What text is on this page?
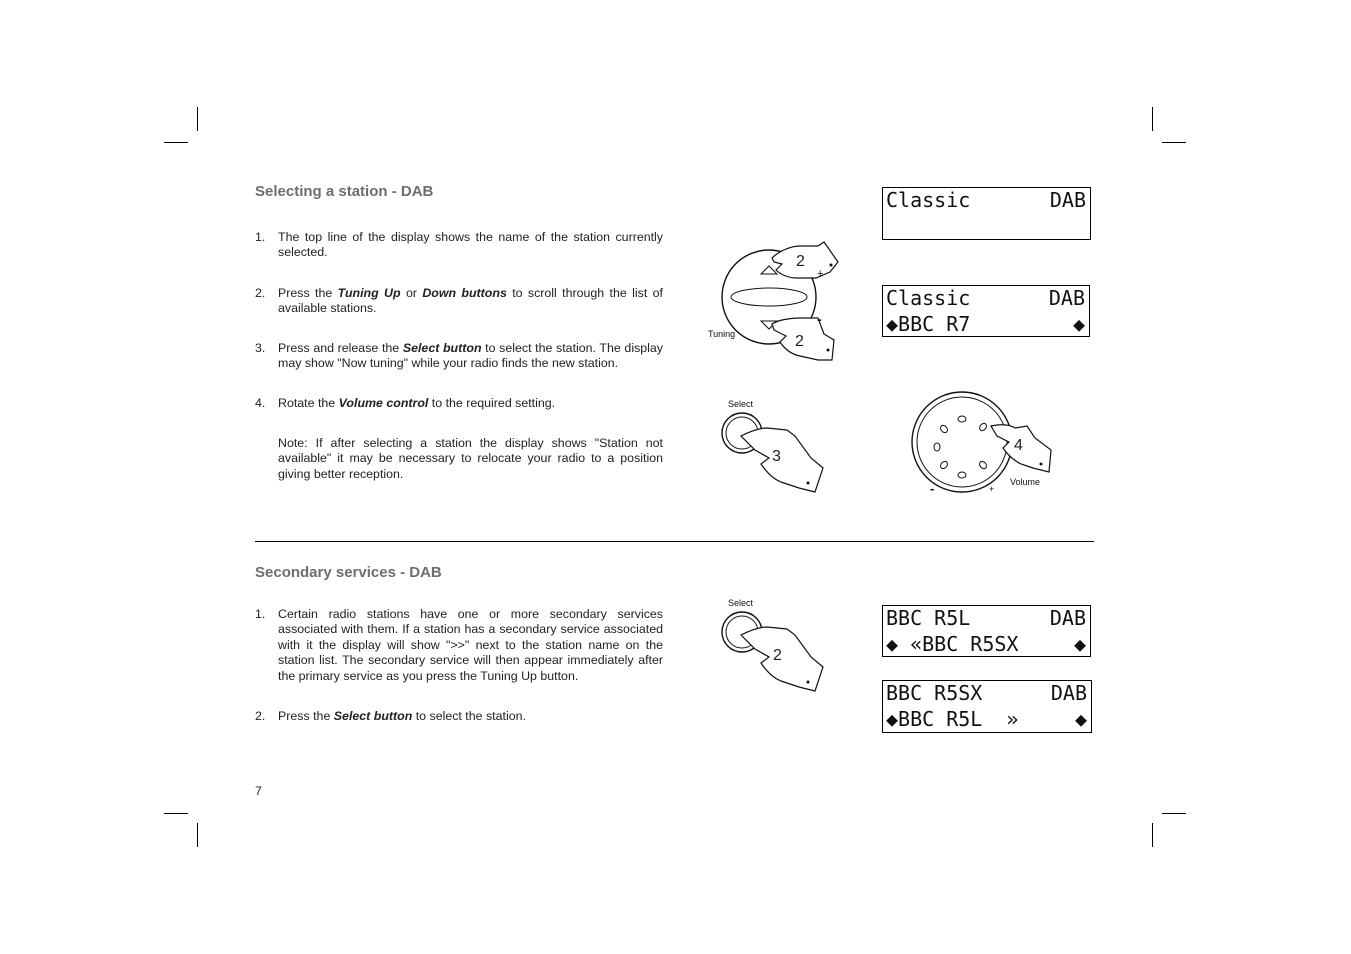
Selecting a station - DAB
1. The top line of the display shows the name of the station currently selected.
2. Press the Tuning Up or Down buttons to scroll through the list of available stations.
3. Press and release the Select button to select the station. The display may show "Now tuning" while your radio finds the new station.
4. Rotate the Volume control to the required setting.
Note: If after selecting a station the display shows "Station not available" it may be necessary to relocate your radio to a position giving better reception.

Classic

	DAB

Classic

	DAB

◆BBC R7

	◆

2
2
+
-
Tuning
Select
3
4
-	+
Volume
Secondary services - DAB
1. Certain radio stations have one or more secondary services associated with them. If a station has a secondary service associated with it the display will show ">>" next to the station name on the station list. The secondary service will then appear immediately after the primary service as you press the Tuning Up button.
2. Press the Select button to select the station.
Select
2

BBC R5L

	DAB

◆ «BBC R5SX

	◆

BBC R5SX

	DAB

◆BBC R5L  »

	◆

7
